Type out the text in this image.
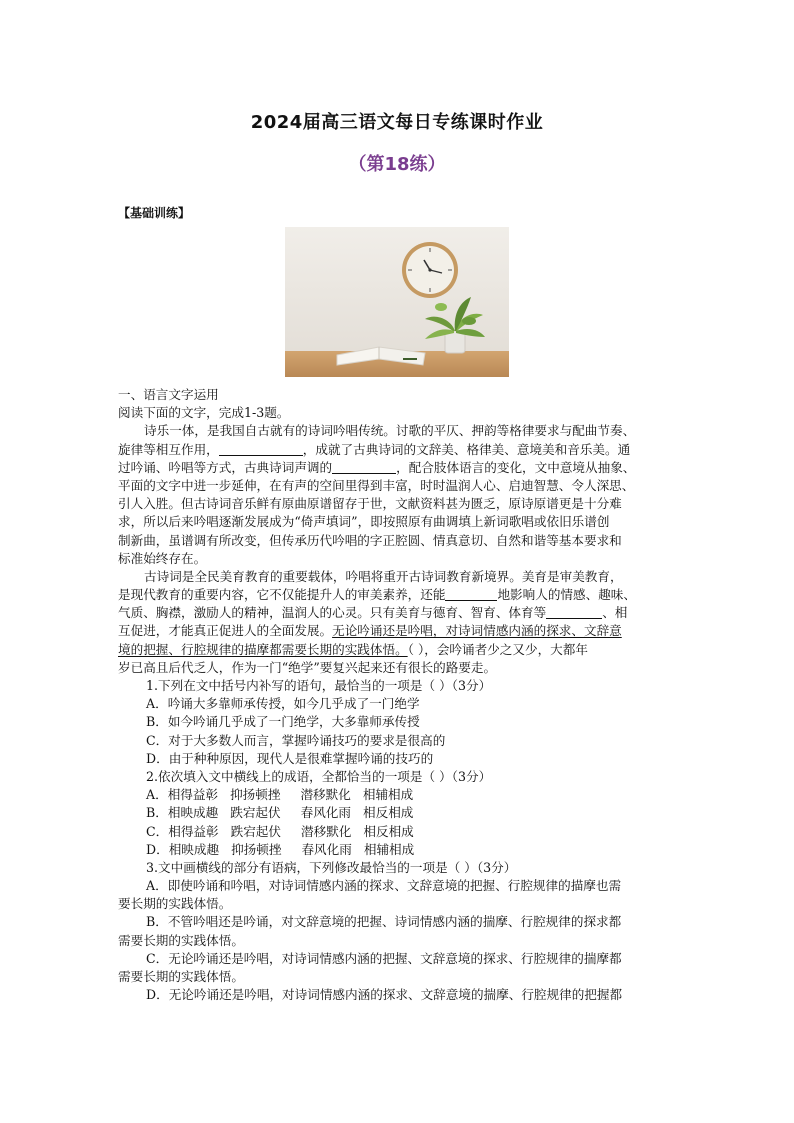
2024届高三语文每日专练课时作业
（第18练）
【基础训练】
一、语言文字运用
阅读下面的文字，完成1-3题。
诗乐一体，是我国自古就有的诗词吟唱传统。讨歌的平仄、押韵等格律要求与配曲节奏、
旋律等相互作用，	，成就了古典诗词的文辞美、格律美、意境美和音乐美。通
过吟诵、吟唱等方式，古典诗词声调的	，配合肢体语言的变化，文中意境从抽象、
平面的文字中进一步延伸，在有声的空间里得到丰富，时时温润人心、启迪智慧、令人深思、
引人入胜。但古诗词音乐鲜有原曲原谱留存于世，文献资料甚为匮乏，原诗原谱更是十分难
求，所以后来吟唱逐渐发展成为“倚声填词”，即按照原有曲调填上新词歌唱或依旧乐谱创
制新曲，虽谱调有所改变，但传承历代吟唱的字正腔圆、情真意切、自然和谐等基本要求和
标准始终存在。
古诗词是全民美育教育的重要载体，吟唱将重开古诗词教育新境界。美育是审美教育，
是现代教育的重要内容，它不仅能提升人的审美素养，还能	地影响人的情感、趣味、
气质、胸襟，激励人的精神，温润人的心灵。只有美育与德育、智育、体育等	、相
互促进，才能真正促进人的全面发展。无论吟诵还是吟唱，对诗词情感内涵的探求、文辞意
境的把握、行腔规律的描摩都需要长期的实践体悟。（ ），会吟诵者少之又少，大都年
岁已高且后代乏人，作为一门“绝学”要复兴起来还有很长的路要走。
1.下列在文中括号内补写的语句，最恰当的一项是（ ）（3分）
A．吟诵大多靠师承传授，如今几乎成了一门绝学
B．如今吟诵几乎成了一门绝学，大多靠师承传授
C．对于大多数人而言，掌握吟诵技巧的要求是很高的
D．由于种种原因，现代人是很难掌握吟诵的技巧的
2.依次填入文中横线上的成语，全都恰当的一项是（ ）（3分）
A．相得益彰   抑扬顿挫     潜移默化   相辅相成
B．相映成趣   跌宕起伏     春风化雨   相反相成
C．相得益彰   跌宕起伏     潜移默化   相反相成
D．相映成趣   抑扬顿挫     春风化雨   相辅相成
3.文中画横线的部分有语病，下列修改最恰当的一项是（ ）（3分）
A．即使吟诵和吟唱，对诗词情感内涵的探求、文辞意境的把握、行腔规律的描摩也需
要长期的实践体悟。
B．不管吟唱还是吟诵，对文辞意境的把握、诗词情感内涵的揣摩、行腔规律的探求都
需要长期的实践体悟。
C．无论吟诵还是吟唱，对诗词情感内涵的把握、文辞意境的探求、行腔规律的揣摩都
需要长期的实践体悟。
D．无论吟诵还是吟唱，对诗词情感内涵的探求、文辞意境的揣摩、行腔规律的把握都
